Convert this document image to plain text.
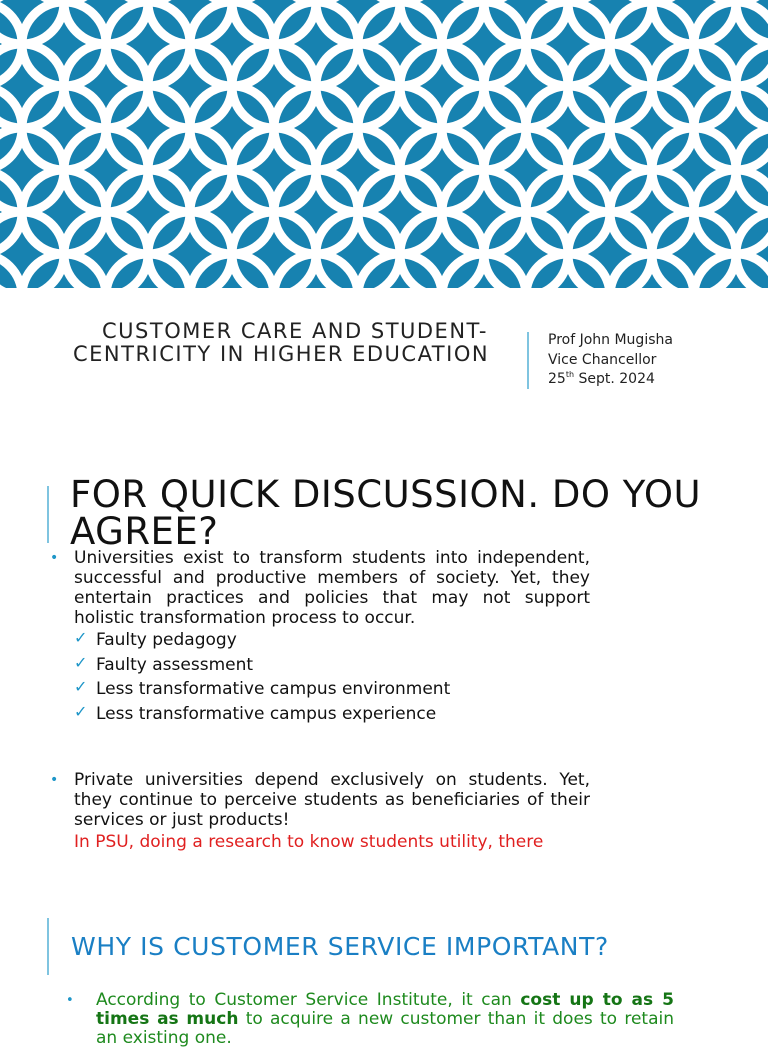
CUSTOMER CARE AND STUDENT-
CENTRICITY IN HIGHER EDUCATION
Prof John Mugisha
Vice Chancellor
25th Sept. 2024
FOR QUICK DISCUSSION. DO YOU AGREE?
• Universities exist to transform students into independent, successful and productive members of society. Yet, they entertain practices and policies that may not support holistic transformation process to occur.
✓ Faulty pedagogy
✓ Faulty assessment
✓ Less transformative campus environment
✓ Less transformative campus experience
• Private universities depend exclusively on students. Yet, they continue to perceive students as beneficiaries of their services or just products!
In PSU, doing a research to know students utility, there
WHY IS CUSTOMER SERVICE IMPORTANT?
• According to Customer Service Institute, it can cost up to as 5 times as much to acquire a new customer than it does to retain an existing one.
